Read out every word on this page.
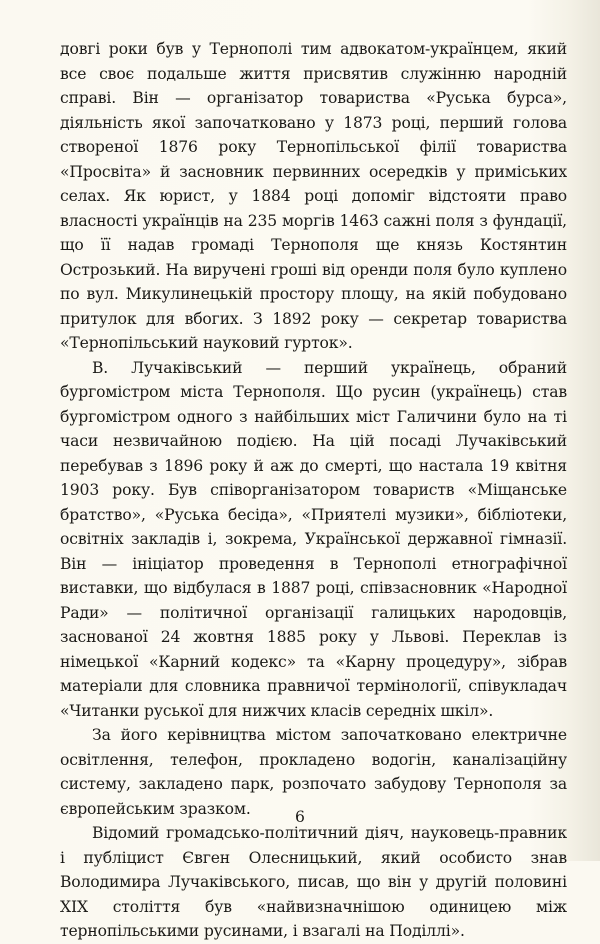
довгі роки був у Тернополі тим адвокатом-українцем, який все своє подальше життя присвятив служінню народній справі. Він — організатор товариства «Руська бурса», діяльність якої започатковано у 1873 році, перший голова створеної 1876 року Тернопільської філії товариства «Просвіта» й засновник первинних осередків у приміських селах. Як юрист, у 1884 році допоміг відстояти право власності українців на 235 моргів 1463 сажні поля з фундації, що її надав громаді Тернополя ще князь Костянтин Острозький. На виручені гроші від оренди поля було куплено по вул. Микулинецькій простору площу, на якій побудовано притулок для вбогих. З 1892 року — секретар товариства «Тернопільський науковий гурток».

В. Лучаківський — перший українець, обраний бургомістром міста Тернополя. Що русин (українець) став бургомістром одного з найбільших міст Галичини було на ті часи незвичайною подією. На цій посаді Лучаківський перебував з 1896 року й аж до смерті, що настала 19 квітня 1903 року. Був співорганізатором товариств «Міщанське братство», «Руська бесіда», «Приятелі музики», бібліотеки, освітніх закладів і, зокрема, Української державної гімназії. Він — ініціатор проведення в Тернополі етнографічної виставки, що відбулася в 1887 році, співзасновник «Народної Ради» — політичної організації галицьких народовців, заснованої 24 жовтня 1885 року у Львові. Переклав із німецької «Карний кодекс» та «Карну процедуру», зібрав матеріали для словника правничої термінології, співукладач «Читанки руської для нижчих класів середніх шкіл».

За його керівництва містом започатковано електричне освітлення, телефон, прокладено водогін, каналізаційну систему, закладено парк, розпочато забудову Тернополя за європейським зразком.

Відомий громадсько-політичний діяч, науковець-правник і публіцист Євген Олесницький, який особисто знав Володимира Лучаківського, писав, що він у другій половині XIX століття був «найвизначнішою одиницею між тернопільськими русинами, і взагалі на Поділлі».

6
